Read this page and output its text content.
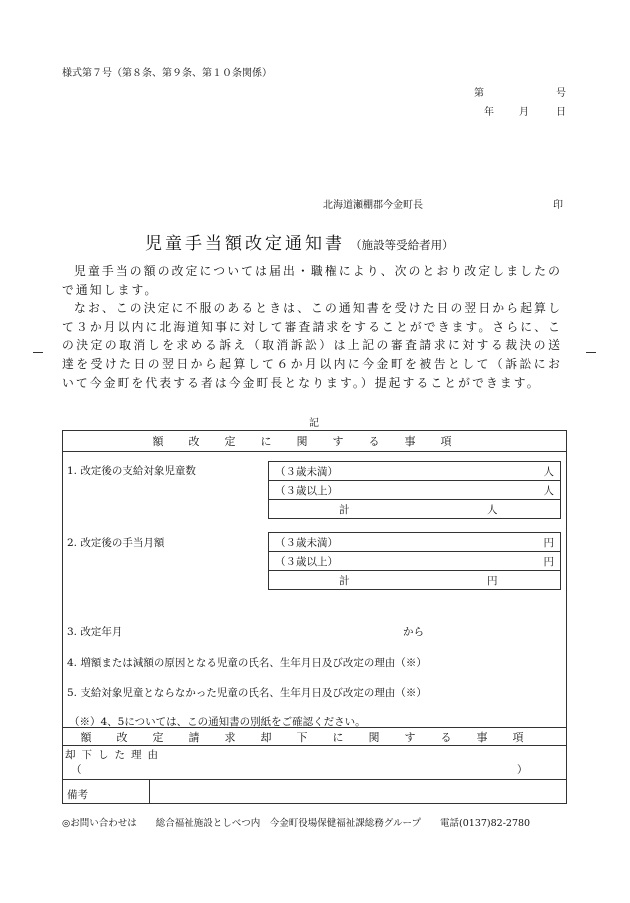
様式第７号（第８条、第９条、第１０条関係）
第	号
年	月	日
北海道瀬棚郡今金町長	印
児童手当額改定通知書 （施設等受給者用）

児童手当の額の改定については届出・職権により、次のとおり改定しましたので通知します。

なお、この決定に不服のあるときは、この通知書を受けた日の翌日から起算して３か月以内に北海道知事に対して審査請求をすることができます。さらに、この決定の取消しを求める訴え（取消訴訟）は上記の審査請求に対する裁決の送達を受けた日の翌日から起算して６か月以内に今金町を被告として（訴訟において今金町を代表する者は今金町長となります。）提起することができます。

記
額改定に関する事項
1. 改定後の支給対象児童数	（３歳未満）	人
（３歳以上）	人
計	人
2. 改定後の手当月額	（３歳未満）	円
（３歳以上）	円
計	円
3. 改定年月	から
4. 増額または減額の原因となる児童の氏名、生年月日及び改定の理由（※）
5. 支給対象児童とならなかった児童の氏名、生年月日及び改定の理由（※）
（※）4、5については、この通知書の別紙をご確認ください。
額改定請求却下に関する事項
却下した理由
（	）
備考
◎お問い合わせは　　総合福祉施設としべつ内　今金町役場保健福祉課総務グループ　　電話(0137)82-2780
